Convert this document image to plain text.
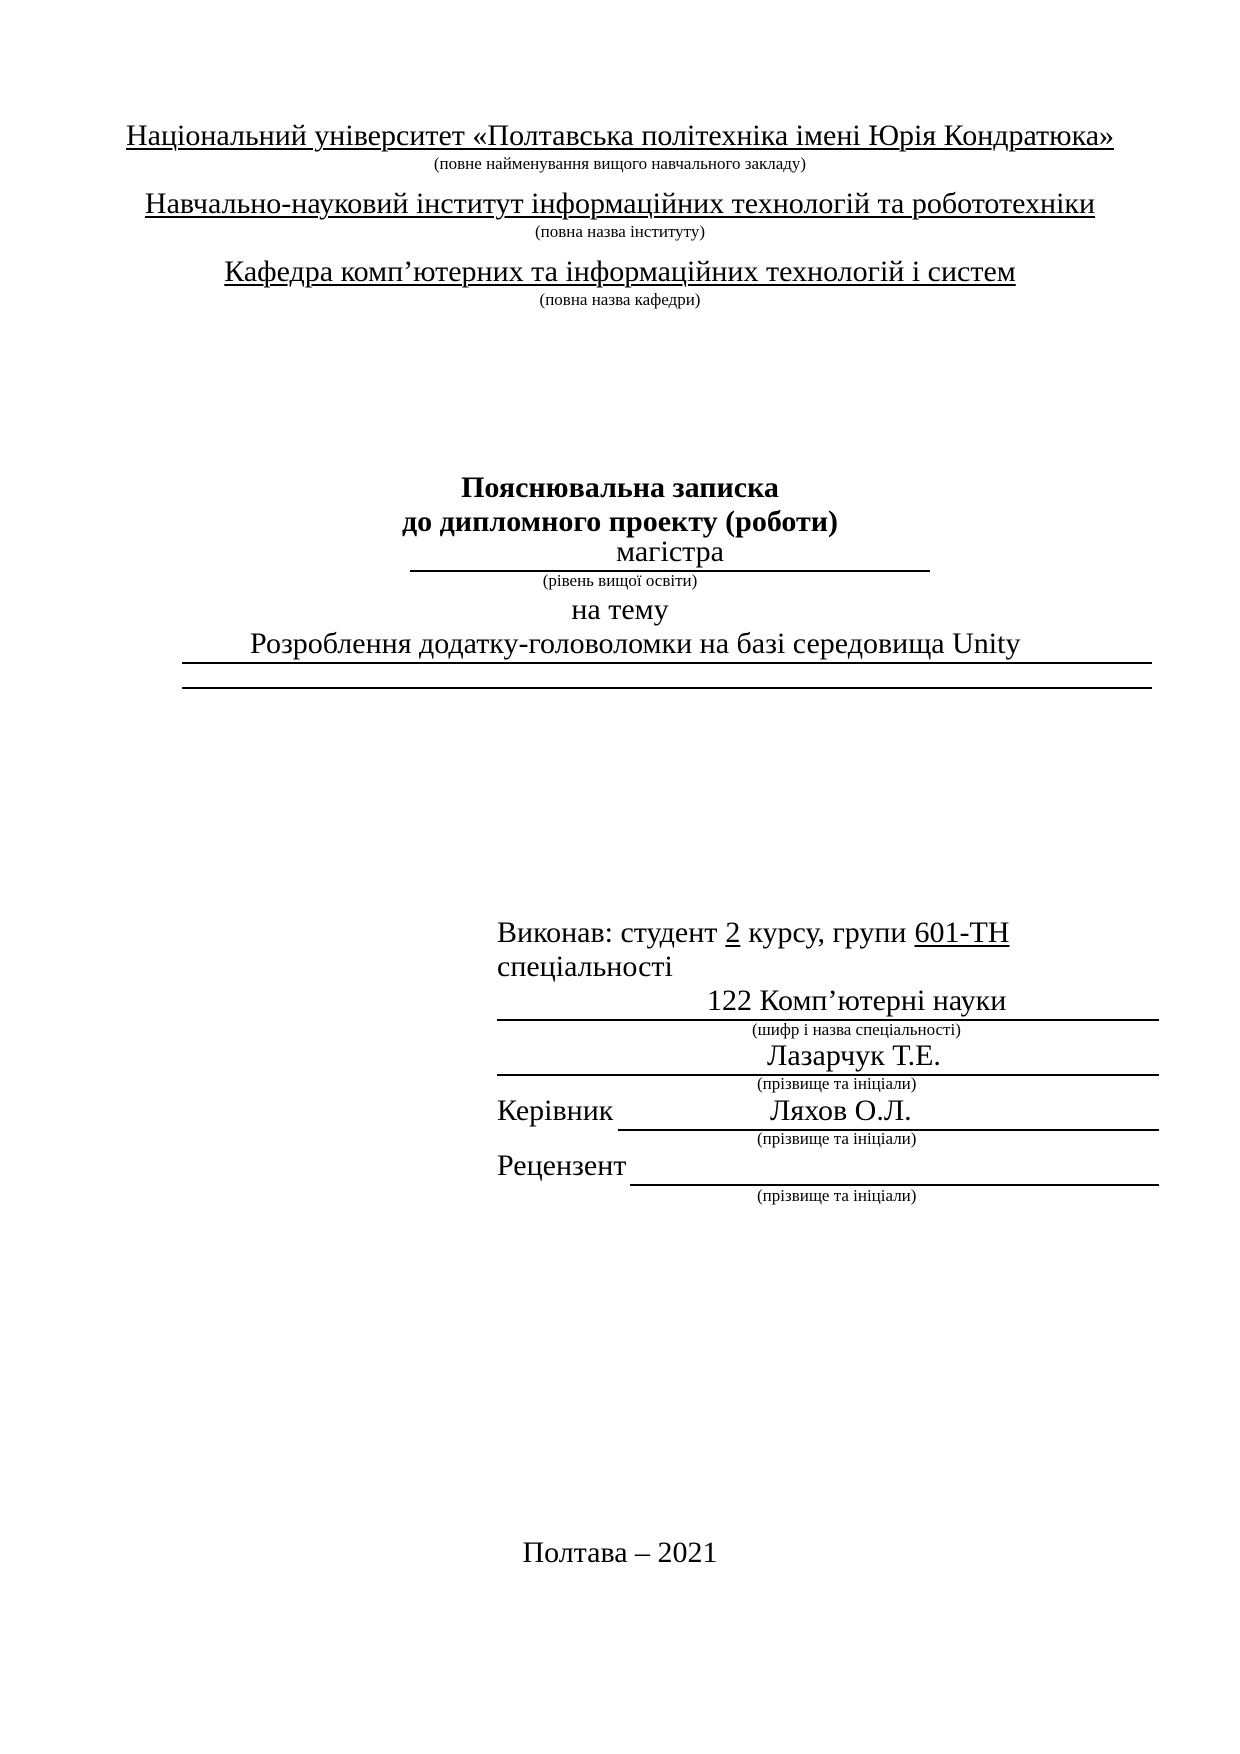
Національний університет «Полтавська політехніка імені Юрія Кондратюка»
(повне найменування вищого навчального закладу)
Навчально-науковий інститут інформаційних технологій та робототехніки
(повна назва інституту)
Кафедра комп’ютерних та інформаційних технологій і систем
(повна назва кафедри)
Пояснювальна записка
до дипломного проекту (роботи)
магістра
(рівень вищої освіти)
на тему
Розроблення додатку-головоломки на базі середовища Unity
Виконав: студент 2 курсу, групи 601-ТН
спеціальності
122 Комп’ютерні науки
(шифр і назва спеціальності)
Лазарчук Т.Е.
(прізвище та ініціали)
Керівник	Ляхов О.Л.
(прізвище та ініціали)
Рецензент
(прізвище та ініціали)
Полтава – 2021
